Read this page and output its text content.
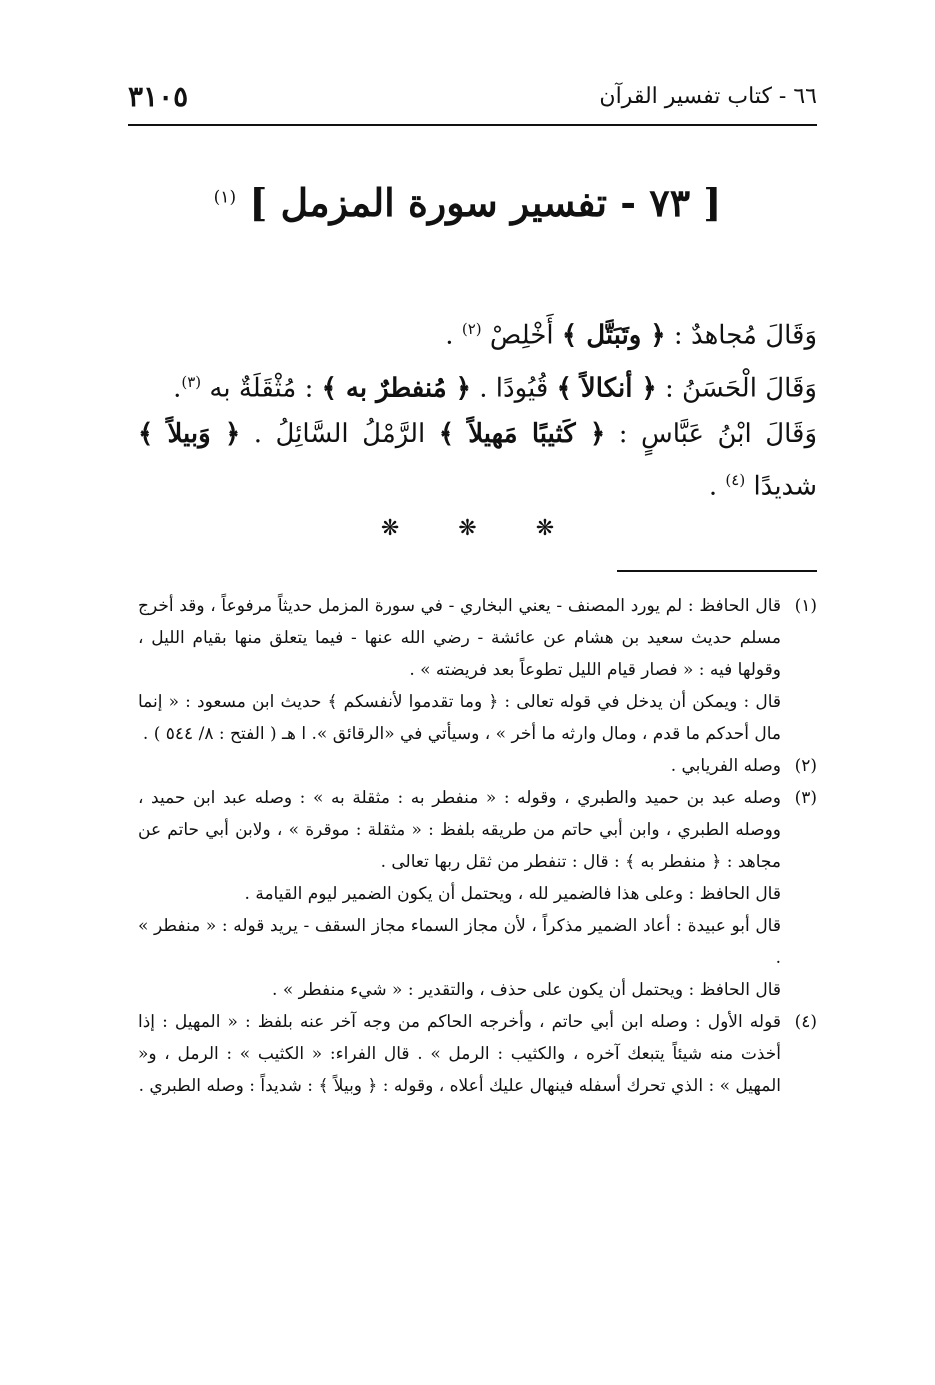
٦٦ - كتاب تفسير القرآن
٣١٠٥
[ ٧٣ - تفسير سورة المزمل ] $^{(١)}$

وَقَالَ مُجاهدٌ : ﴿ وتَبَتَّل ﴾ أَخْلِصْ $^{(٢)}$ .

وَقَالَ الْحَسَنُ : ﴿ أنكالاً ﴾ قُيُودًا . ﴿ مُنفطرٌ به ﴾ : مُثْقَلَةٌ به $^{(٣)}$.

وَقَالَ ابْنُ عَبَّاسٍ : ﴿ كَثيبًا مَهيلاً ﴾ الرَّمْلُ السَّائِلُ . ﴿ وَبيلاً ﴾ شديدًا $^{(٤)}$ .

❋	❋	❋
(١)

قال الحافظ : لم يورد المصنف - يعني البخاري - في سورة المزمل حديثاً مرفوعاً ، وقد أخرج مسلم حديث سعيد بن هشام عن عائشة - رضي الله عنها - فيما يتعلق منها بقيام الليل ، وقولها فيه : « فصار قيام الليل تطوعاً بعد فريضته » .

قال : ويمكن أن يدخل في قوله تعالى : ﴿ وما تقدموا لأنفسكم ﴾ حديث ابن مسعود : « إنما مال أحدكم ما قدم ، ومال وارثه ما أخر » ، وسيأتي في «الرقائق ». ا هـ ( الفتح : ٨/ ٥٤٤ ) .

(٢)

وصله الفريابي .

(٣)

وصله عبد بن حميد والطبري ، وقوله : « منفطر به : مثقلة به » : وصله عبد ابن حميد ، ووصله الطبري ، وابن أبي حاتم من طريقه بلفظ : « مثقلة : موقرة » ، ولابن أبي حاتم عن مجاهد : ﴿ منفطر به ﴾ : قال : تنفطر من ثقل ربها تعالى .

قال الحافظ : وعلى هذا فالضمير لله ، ويحتمل أن يكون الضمير ليوم القيامة .

قال أبو عبيدة : أعاد الضمير مذكراً ، لأن مجاز السماء مجاز السقف - يريد قوله : « منفطر » .

قال الحافظ : ويحتمل أن يكون على حذف ، والتقدير : « شيء منفطر » .

(٤)

قوله الأول : وصله ابن أبي حاتم ، وأخرجه الحاكم من وجه آخر عنه بلفظ : « المهيل : إذا أخذت منه شيئاً يتبعك آخره ، والكثيب : الرمل » . قال الفراء: « الكثيب » : الرمل ، و« المهيل » : الذي تحرك أسفله فينهال عليك أعلاه ، وقوله : ﴿ وبيلاً ﴾ : شديداً : وصله الطبري .
